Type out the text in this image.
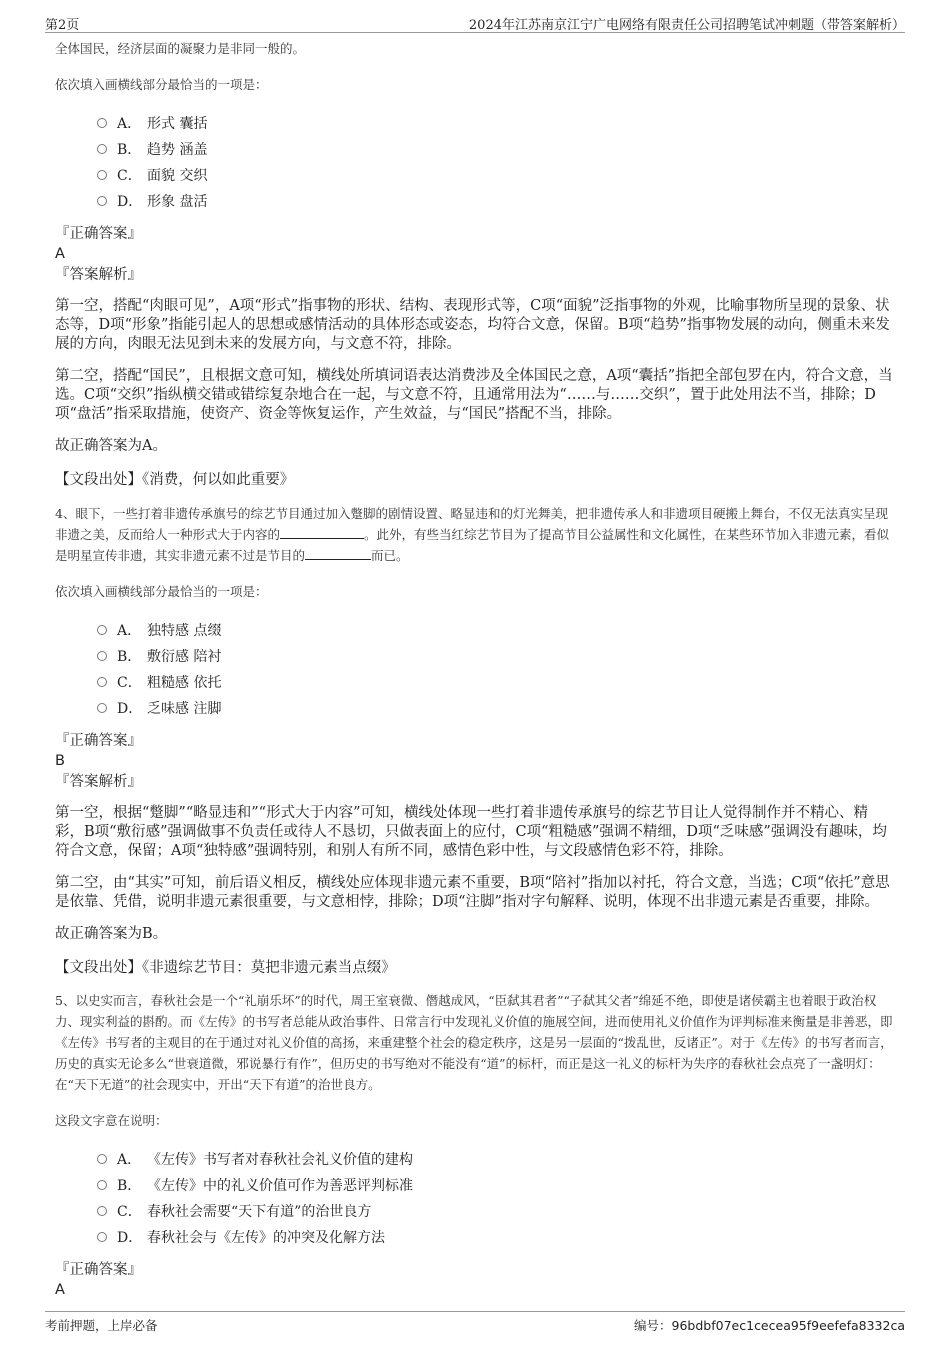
第2页	2024年江苏南京江宁广电网络有限责任公司招聘笔试冲刺题（带答案解析）

全体国民，经济层面的凝聚力是非同一般的。

依次填入画横线部分最恰当的一项是：

A． 形式 囊括
B． 趋势 涵盖
C． 面貌 交织
D． 形象 盘活

『正确答案』

A

『答案解析』

第一空，搭配“肉眼可见”，A项“形式”指事物的形状、结构、表现形式等，C项“面貌”泛指事物的外观，比喻事物所呈现的景象、状态等，D项“形象”指能引起人的思想或感情活动的具体形态或姿态，均符合文意，保留。B项“趋势”指事物发展的动向，侧重未来发展的方向，肉眼无法见到未来的发展方向，与文意不符，排除。

第二空，搭配“国民”，且根据文意可知，横线处所填词语表达消费涉及全体国民之意，A项“囊括”指把全部包罗在内，符合文意，当选。C项“交织”指纵横交错或错综复杂地合在一起，与文意不符，且通常用法为“……与……交织”，置于此处用法不当，排除；D项“盘活”指采取措施，使资产、资金等恢复运作，产生效益，与“国民”搭配不当，排除。

故正确答案为A。

【文段出处】《消费，何以如此重要》

4、眼下，一些打着非遗传承旗号的综艺节目通过加入蹩脚的剧情设置、略显违和的灯光舞美，把非遗传承人和非遗项目硬搬上舞台，不仅无法真实呈现非遗之美，反而给人一种形式大于内容的	。此外，有些当红综艺节目为了提高节目公益属性和文化属性，在某些环节加入非遗元素，看似是明星宣传非遗，其实非遗元素不过是节目的	而已。

依次填入画横线部分最恰当的一项是：

A． 独特感 点缀
B． 敷衍感 陪衬
C． 粗糙感 依托
D． 乏味感 注脚

『正确答案』

B

『答案解析』

第一空，根据“蹩脚”“略显违和”“形式大于内容”可知，横线处体现一些打着非遗传承旗号的综艺节目让人觉得制作并不精心、精彩，B项“敷衍感”强调做事不负责任或待人不恳切，只做表面上的应付，C项“粗糙感”强调不精细，D项“乏味感”强调没有趣味，均符合文意，保留；A项“独特感”强调特别，和别人有所不同，感情色彩中性，与文段感情色彩不符，排除。

第二空，由“其实”可知，前后语义相反，横线处应体现非遗元素不重要，B项“陪衬”指加以衬托，符合文意，当选；C项“依托”意思是依靠、凭借，说明非遗元素很重要，与文意相悖，排除；D项“注脚”指对字句解释、说明，体现不出非遗元素是否重要，排除。

故正确答案为B。

【文段出处】《非遗综艺节目：莫把非遗元素当点缀》

5、以史实而言，春秋社会是一个“礼崩乐坏”的时代，周王室衰微、僭越成风，“臣弑其君者”“子弑其父者”绵延不绝，即使是诸侯霸主也着眼于政治权力、现实利益的斟酌。而《左传》的书写者总能从政治事件、日常言行中发现礼义价值的施展空间，进而使用礼义价值作为评判标准来衡量是非善恶，即《左传》书写者的主观目的在于通过对礼义价值的高扬，来重建整个社会的稳定秩序，这是另一层面的“拨乱世，反诸正”。对于《左传》的书写者而言，历史的真实无论多么“世衰道微，邪说暴行有作”，但历史的书写绝对不能没有“道”的标杆，而正是这一礼义的标杆为失序的春秋社会点亮了一盏明灯：在“天下无道”的社会现实中，开出“天下有道”的治世良方。

这段文字意在说明：

A． 《左传》书写者对春秋社会礼义价值的建构
B． 《左传》中的礼义价值可作为善恶评判标准
C． 春秋社会需要“天下有道”的治世良方
D． 春秋社会与《左传》的冲突及化解方法

『正确答案』

A

考前押题，上岸必备	编号：96bdbf07ec1cecea95f9eefefa8332ca
